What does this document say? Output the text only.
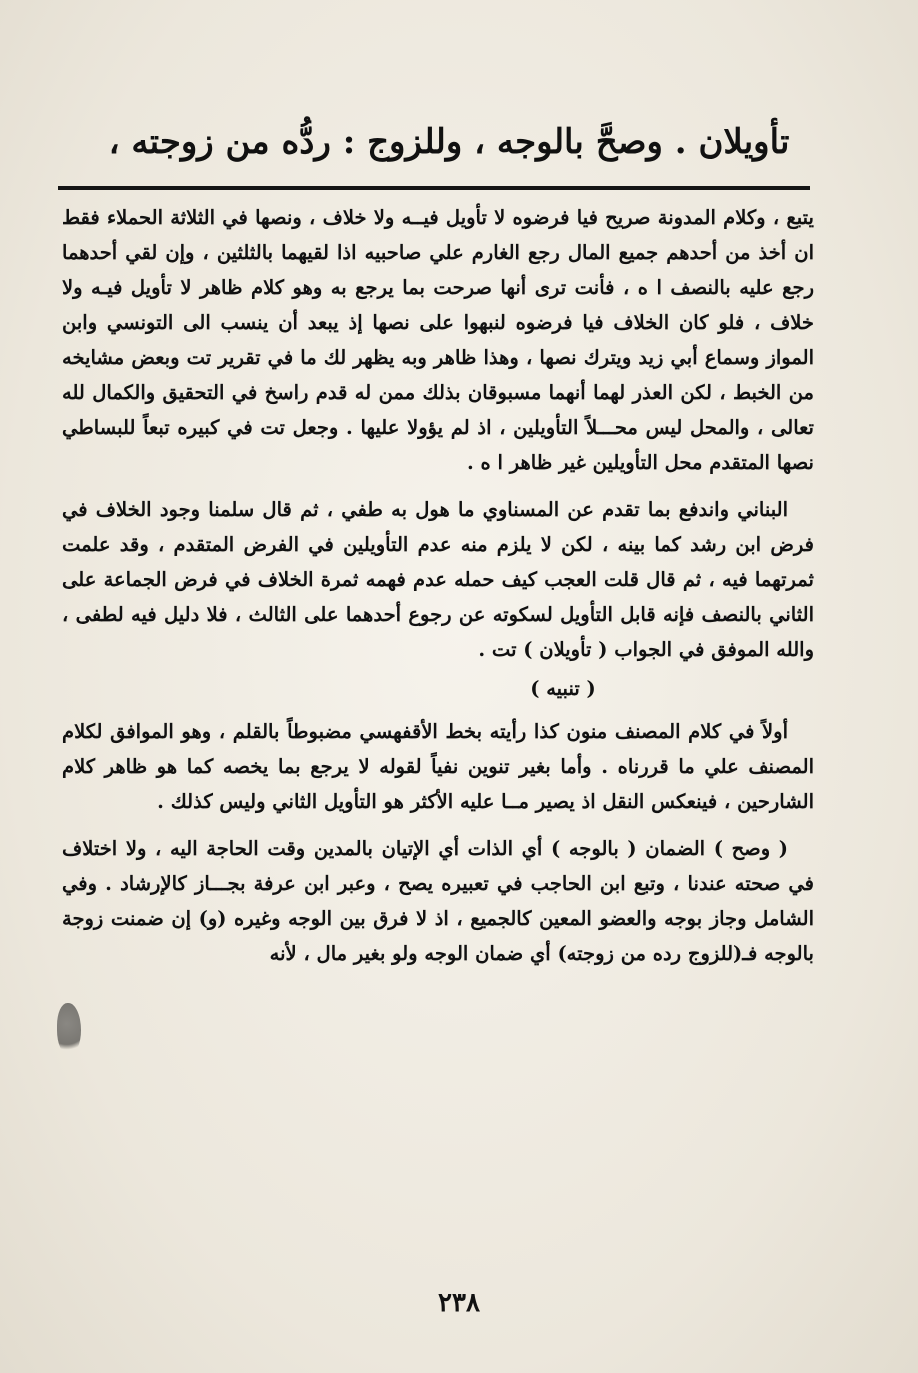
تأويلان . وصحَّ بالوجه ، وللزوج : ردُّه من زوجته ،

يتبع ، وكلام المدونة صريح فيا فرضوه لا تأويل فيــه ولا خلاف ، ونصها في الثلاثة الحملاء فقط ان أخذ من أحدهم جميع المال رجع الغارم علي صاحبيه اذا لقيهما بالثلثين ، وإن لقي أحدهما رجع عليه بالنصف ا ه ، فأنت ترى أنها صرحت بما يرجع به وهو كلام ظاهر لا تأويل فيـه ولا خلاف ، فلو كان الخلاف فيا فرضوه لنبهوا على نصها إذ يبعد أن ينسب الى التونسي وابن المواز وسماع أبي زيد ويترك نصها ، وهذا ظاهر وبه يظهر لك ما في تقرير تت وبعض مشايخه من الخبط ، لكن العذر لهما أنهما مسبوقان بذلك ممن له قدم راسخ في التحقيق والكمال لله تعالى ، والمحل ليس محـــلاً التأويلين ، اذ لم يؤولا عليها . وجعل تت في كبيره تبعاً للبساطي نصها المتقدم محل التأويلين غير ظاهر ا ه .

البناني واندفع بما تقدم عن المسناوي ما هول به طفي ، ثم قال سلمنا وجود الخلاف في فرض ابن رشد كما بينه ، لكن لا يلزم منه عدم التأويلين في الفرض المتقدم ، وقد علمت ثمرتهما فيه ، ثم قال قلت العجب كيف حمله عدم فهمه ثمرة الخلاف في فرض الجماعة على الثاني بالنصف فإنه قابل التأويل لسكوته عن رجوع أحدهما على الثالث ، فلا دليل فيه لطفى ، والله الموفق في الجواب ( تأويلان ) تت .

( تنبيه )

أولاً في كلام المصنف منون كذا رأيته بخط الأقفهسي مضبوطاً بالقلم ، وهو الموافق لكلام المصنف علي ما قررناه . وأما بغير تنوين نفياً لقوله لا يرجع بما يخصه كما هو ظاهر كلام الشارحين ، فينعكس النقل اذ يصير مــا عليه الأكثر هو التأويل الثاني وليس كذلك .

( وصح ) الضمان ( بالوجه ) أي الذات أي الإتيان بالمدين وقت الحاجة اليه ، ولا اختلاف في صحته عندنا ، وتبع ابن الحاجب في تعبيره يصح ، وعبر ابن عرفة بجـــاز كالإرشاد . وفي الشامل وجاز بوجه والعضو المعين كالجميع ، اذ لا فرق بين الوجه وغيره (و) إن ضمنت زوجة بالوجه فـ(للزوج رده من زوجته) أي ضمان الوجه ولو بغير مال ، لأنه

٢٣٨
